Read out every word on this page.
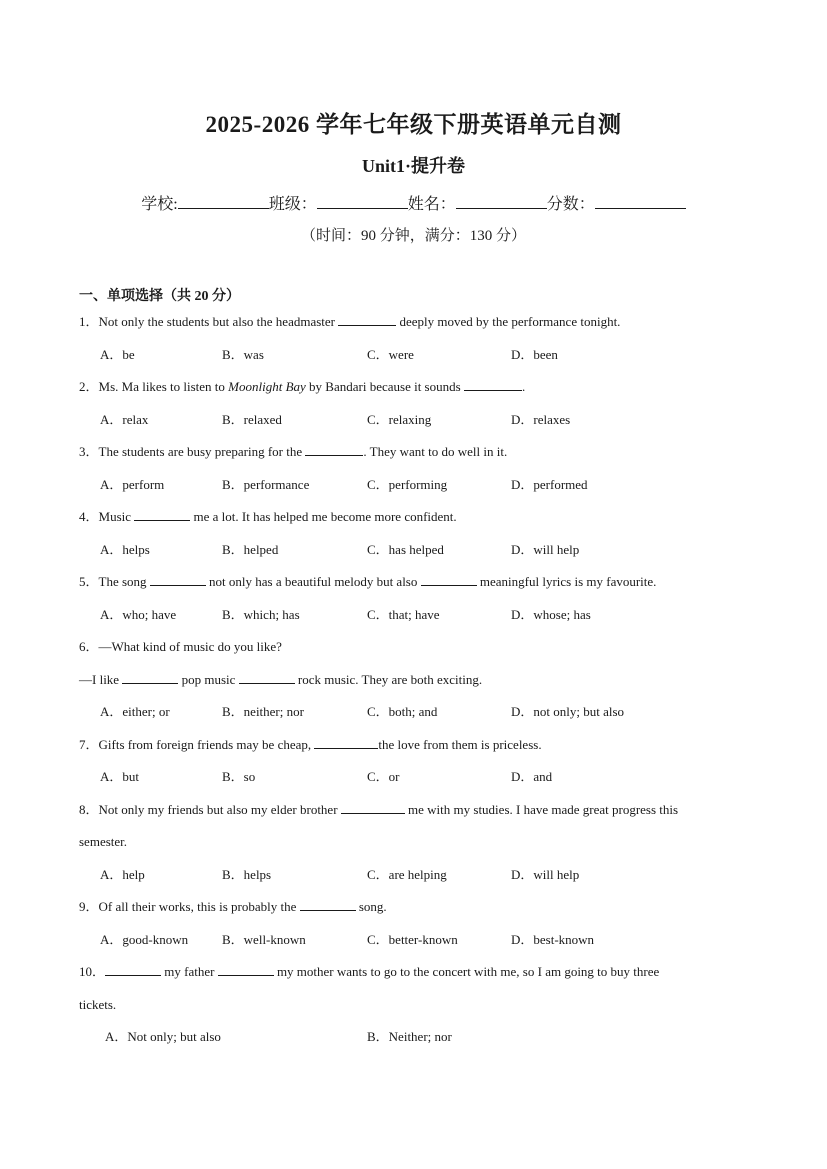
2025-2026 学年七年级下册英语单元自测
Unit1·提升卷
学校:	班级：	姓名：	分数：
（时间：90 分钟，满分：130 分）
一、单项选择（共 20 分）
1．Not only the students but also the headmaster	deeply moved by the performance tonight.
A．be	B．was	C．were	D．been
2．Ms. Ma likes to listen to Moonlight Bay by Bandari because it sounds	.
A．relax	B．relaxed	C．relaxing	D．relaxes
3．The students are busy preparing for the	. They want to do well in it.
A．perform	B．performance	C．performing	D．performed
4．Music	me a lot. It has helped me become more confident.
A．helps	B．helped	C．has helped	D．will help
5．The song	not only has a beautiful melody but also	meaningful lyrics is my favourite.
A．who; have	B．which; has	C．that; have	D．whose; has
6．—What kind of music do you like?
—I like	pop music	rock music. They are both exciting.
A．either; or	B．neither; nor	C．both; and	D．not only; but also
7．Gifts from foreign friends may be cheap,	the love from them is priceless.
A．but	B．so	C．or	D．and
8．Not only my friends but also my elder brother	me with my studies. I have made great progress this
semester.
A．help	B．helps	C．are helping	D．will help
9．Of all their works, this is probably the	song.
A．good-known	B．well-known	C．better-known	D．best-known
10．	my father	my mother wants to go to the concert with me, so I am going to buy three
tickets.
A．Not only; but also	B．Neither; nor
